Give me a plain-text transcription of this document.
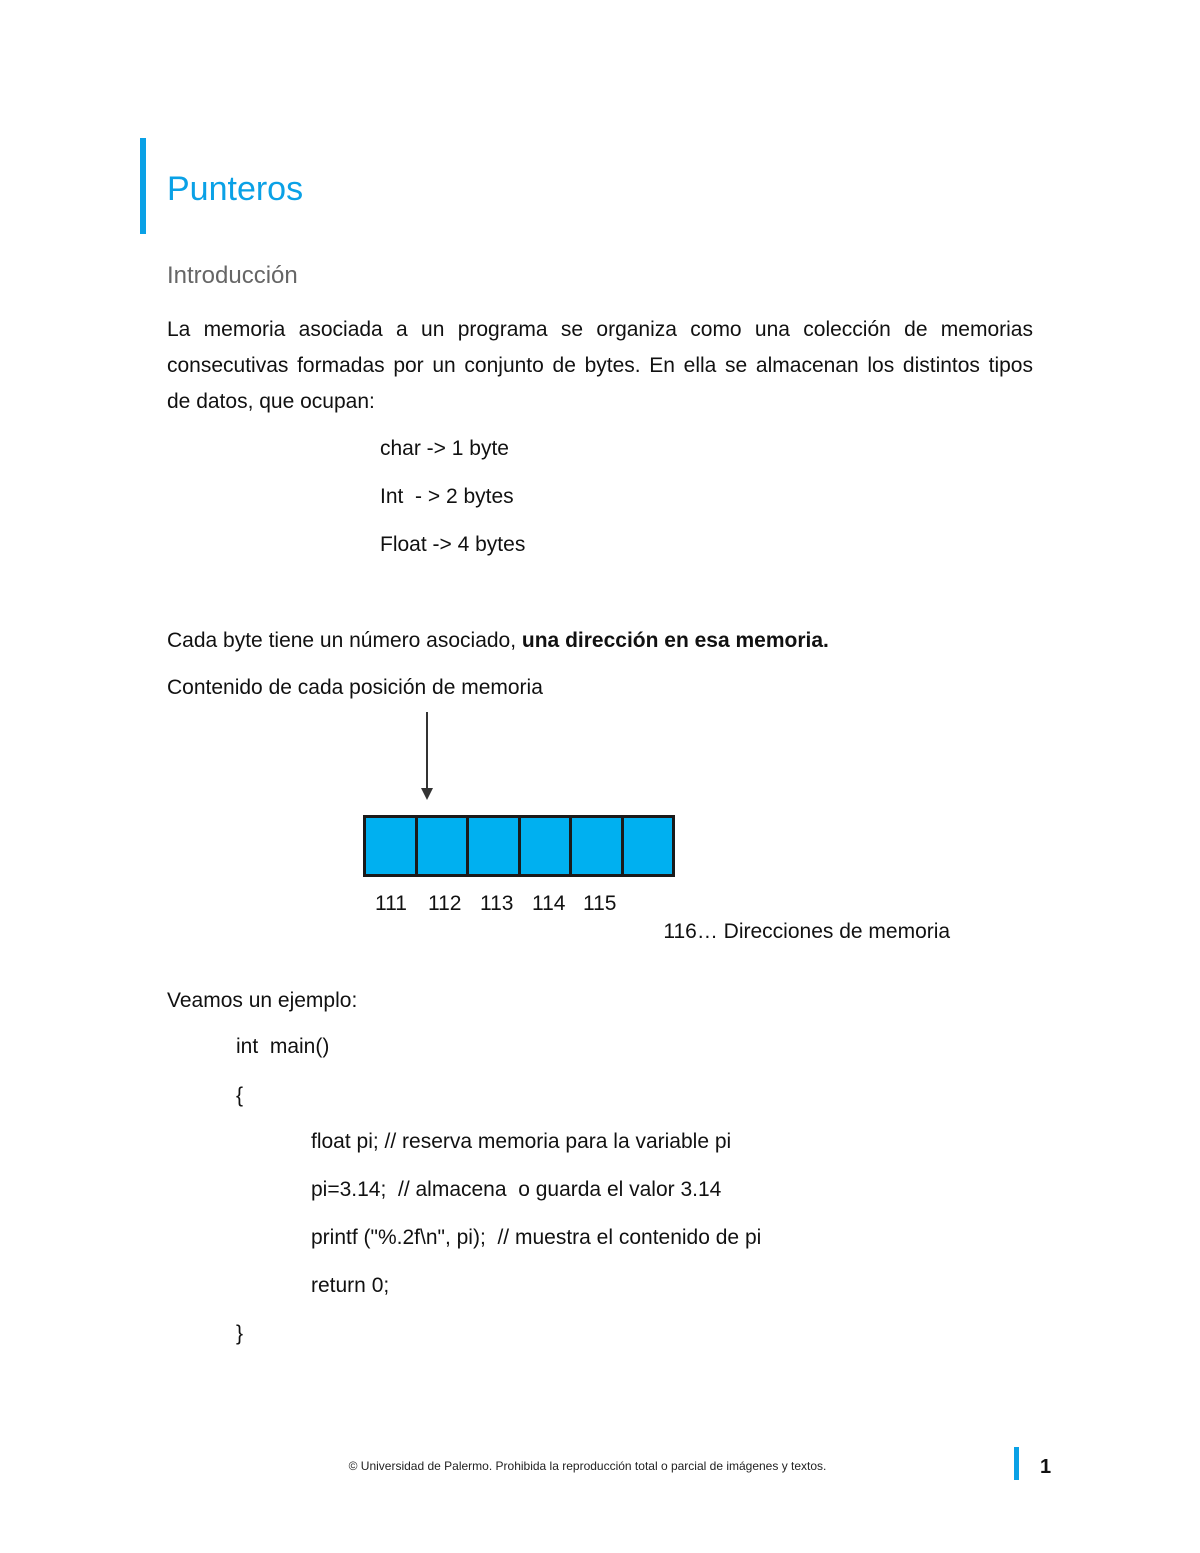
Punteros
Introducción
La memoria asociada a un programa se organiza como una colección de memorias
consecutivas formadas por un conjunto de bytes. En ella se almacenan los distintos tipos
de datos, que ocupan:
char -> 1 byte
Int  - > 2 bytes
Float -> 4 bytes
Cada byte tiene un número asociado, una dirección en esa memoria.
Contenido de cada posición de memoria
111 112 113 114 115

116… Direcciones de memoria

Veamos un ejemplo:
int  main()
{
float pi; // reserva memoria para la variable pi
pi=3.14;  // almacena  o guarda el valor 3.14
printf ("%.2f\n", pi);  // muestra el contenido de pi
return 0;
}
© Universidad de Palermo. Prohibida la reproducción total o parcial de imágenes y textos.	1
